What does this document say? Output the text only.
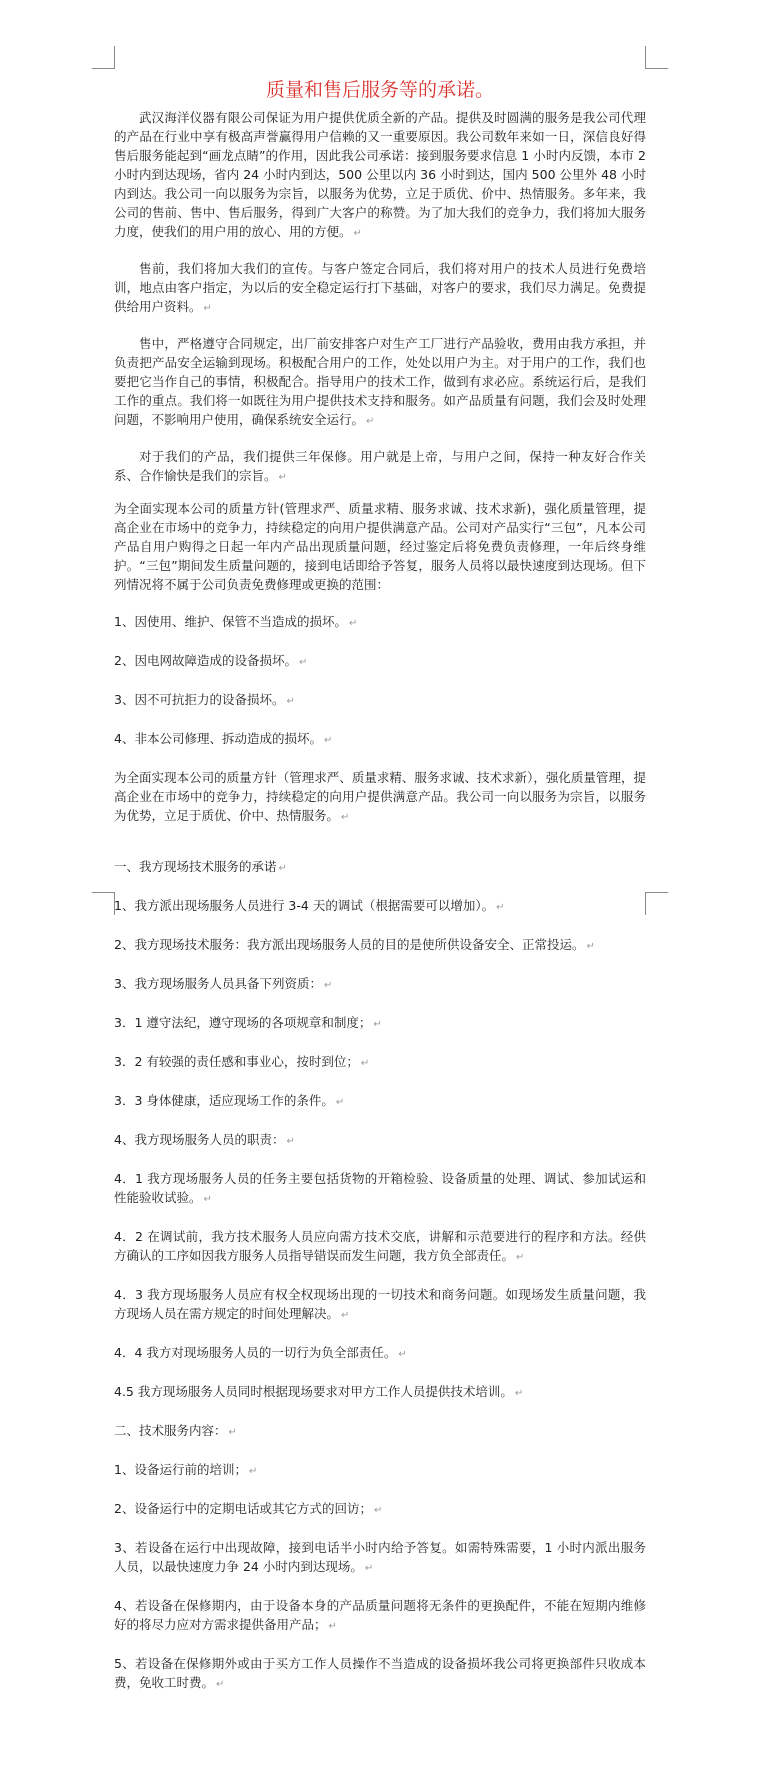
质量和售后服务等的承诺。

武汉海洋仪器有限公司保证为用户提供优质全新的产品。提供及时圆满的服务是我公司代理的产品在行业中享有极高声誉赢得用户信赖的又一重要原因。我公司数年来如一日，深信良好得售后服务能起到“画龙点睛”的作用，因此我公司承诺：接到服务要求信息 1 小时内反馈，本市 2 小时内到达现场，省内 24 小时内到达，500 公里以内 36 小时到达，国内 500 公里外 48 小时内到达。我公司一向以服务为宗旨，以服务为优势，立足于质优、价中、热情服务。多年来，我公司的售前、售中、售后服务，得到广大客户的称赞。为了加大我们的竞争力，我们将加大服务力度，使我们的用户用的放心、用的方便。 ↵

售前，我们将加大我们的宣传。与客户签定合同后，我们将对用户的技术人员进行免费培训，地点由客户指定，为以后的安全稳定运行打下基础，对客户的要求，我们尽力满足。免费提供给用户资料。 ↵

售中，严格遵守合同规定，出厂前安排客户对生产工厂进行产品验收，费用由我方承担，并负责把产品安全运输到现场。积极配合用户的工作，处处以用户为主。对于用户的工作，我们也要把它当作自己的事情，积极配合。指导用户的技术工作，做到有求必应。系统运行后，是我们工作的重点。我们将一如既往为用户提供技术支持和服务。如产品质量有问题，我们会及时处理问题，不影响用户使用，确保系统安全运行。 ↵

对于我们的产品，我们提供三年保修。用户就是上帝，与用户之间，保持一种友好合作关系、合作愉快是我们的宗旨。 ↵

为全面实现本公司的质量方针(管理求严、质量求精、服务求诚、技术求新)，强化质量管理，提高企业在市场中的竞争力，持续稳定的向用户提供满意产品。公司对产品实行“三包”，凡本公司产品自用户购得之日起一年内产品出现质量问题，经过鉴定后将免费负责修理，一年后终身维护。“三包”期间发生质量问题的，接到电话即给予答复，服务人员将以最快速度到达现场。但下列情况将不属于公司负责免费修理或更换的范围：

1、因使用、维护、保管不当造成的损坏。 ↵

2、因电网故障造成的设备损坏。 ↵

3、因不可抗拒力的设备损坏。 ↵

4、非本公司修理、拆动造成的损坏。 ↵

为全面实现本公司的质量方针（管理求严、质量求精、服务求诚、技术求新），强化质量管理，提高企业在市场中的竞争力，持续稳定的向用户提供满意产品。我公司一向以服务为宗旨，以服务为优势，立足于质优、价中、热情服务。 ↵

一、我方现场技术服务的承诺 ↵

1、我方派出现场服务人员进行 3-4 天的调试（根据需要可以增加）。 ↵

2、我方现场技术服务：我方派出现场服务人员的目的是使所供设备安全、正常投运。 ↵

3、我方现场服务人员具备下列资质： ↵

3．1 遵守法纪，遵守现场的各项规章和制度； ↵

3．2 有较强的责任感和事业心，按时到位； ↵

3．3 身体健康，适应现场工作的条件。 ↵

4、我方现场服务人员的职责： ↵

4．1 我方现场服务人员的任务主要包括货物的开箱检验、设备质量的处理、调试、参加试运和性能验收试验。 ↵

4．2 在调试前，我方技术服务人员应向需方技术交底，讲解和示范要进行的程序和方法。经供方确认的工序如因我方服务人员指导错误而发生问题，我方负全部责任。 ↵

4．3 我方现场服务人员应有权全权现场出现的一切技术和商务问题。如现场发生质量问题，我方现场人员在需方规定的时间处理解决。 ↵

4．4 我方对现场服务人员的一切行为负全部责任。 ↵

4.5 我方现场服务人员同时根据现场要求对甲方工作人员提供技术培训。 ↵

二、技术服务内容： ↵

1、设备运行前的培训； ↵

2、设备运行中的定期电话或其它方式的回访； ↵

3、若设备在运行中出现故障，接到电话半小时内给予答复。如需特殊需要，1 小时内派出服务人员，以最快速度力争 24 小时内到达现场。 ↵

4、若设备在保修期内，由于设备本身的产品质量问题将无条件的更换配件，不能在短期内维修好的将尽力应对方需求提供备用产品； ↵

5、若设备在保修期外或由于买方工作人员操作不当造成的设备损坏我公司将更换部件只收成本费，免收工时费。 ↵
